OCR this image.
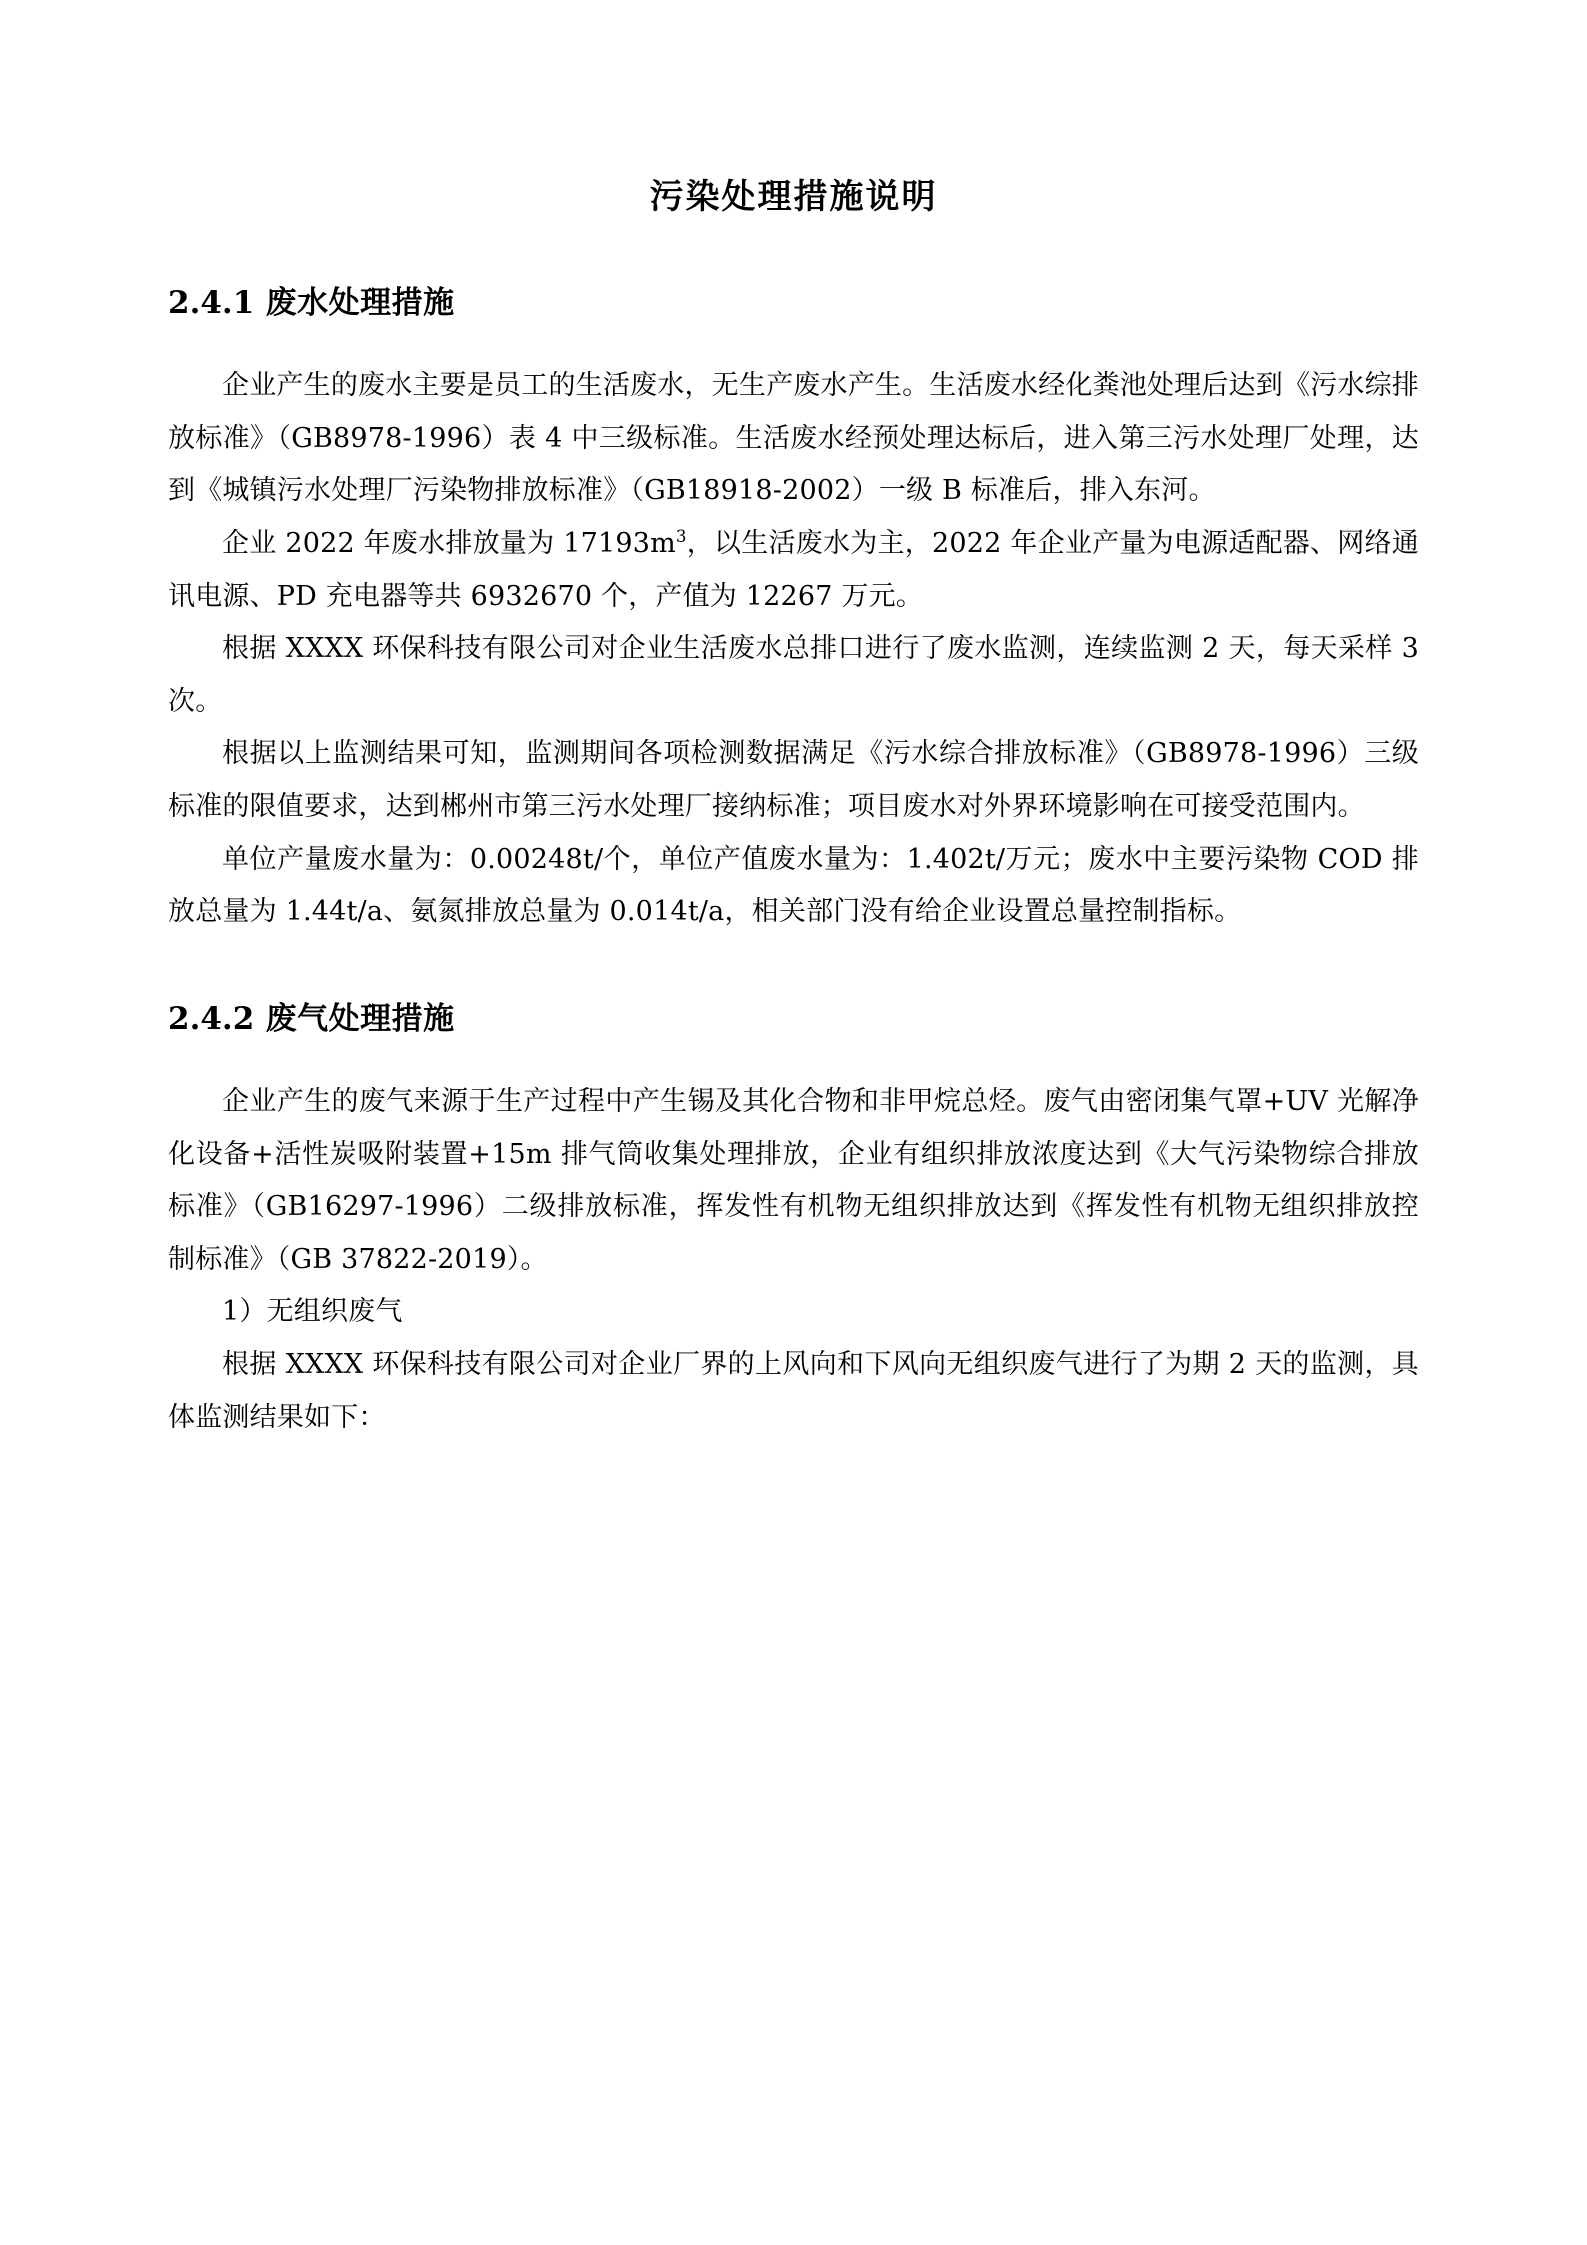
污染处理措施说明
2.4.1 废水处理措施

企业产生的废水主要是员工的生活废水，无生产废水产生。生活废水经化粪池处理后达到《污水综排放标准》（GB8978-1996）表 4 中三级标准。生活废水经预处理达标后，进入第三污水处理厂处理，达到《城镇污水处理厂污染物排放标准》（GB18918-2002）一级 B 标准后，排入东河。

企业 2022 年废水排放量为 $17193m^3$，以生活废水为主，2022 年企业产量为电源适配器、网络通讯电源、PD 充电器等共 6932670 个，产值为 12267 万元。

根据 XXXX 环保科技有限公司对企业生活废水总排口进行了废水监测，连续监测 2 天，每天采样 3 次。

根据以上监测结果可知，监测期间各项检测数据满足《污水综合排放标准》（GB8978-1996）三级标准的限值要求，达到郴州市第三污水处理厂接纳标准；项目废水对外界环境影响在可接受范围内。

单位产量废水量为：0.00248t/个，单位产值废水量为：1.402t/万元；废水中主要污染物 COD 排放总量为 1.44t/a、氨氮排放总量为 0.014t/a，相关部门没有给企业设置总量控制指标。

2.4.2 废气处理措施

企业产生的废气来源于生产过程中产生锡及其化合物和非甲烷总烃。废气由密闭集气罩+UV 光解净化设备+活性炭吸附装置+15m 排气筒收集处理排放，企业有组织排放浓度达到《大气污染物综合排放标准》（GB16297-1996）二级排放标准，挥发性有机物无组织排放达到《挥发性有机物无组织排放控制标准》（GB 37822-2019）。

1）无组织废气

根据 XXXX 环保科技有限公司对企业厂界的上风向和下风向无组织废气进行了为期 2 天的监测，具体监测结果如下：
